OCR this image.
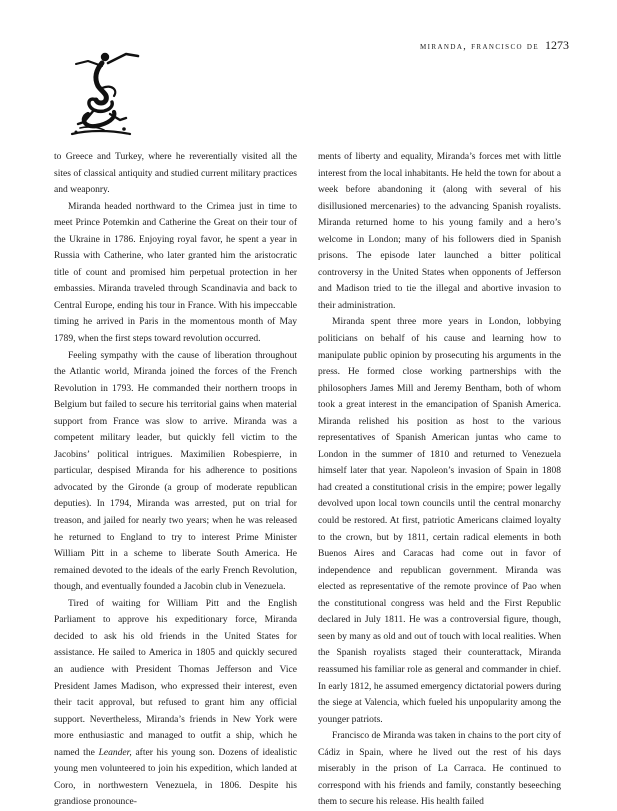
miranda, francisco de 1273

to Greece and Turkey, where he reverentially visited all the sites of classical antiquity and studied current military practices and weaponry.

Miranda headed northward to the Crimea just in time to meet Prince Potemkin and Catherine the Great on their tour of the Ukraine in 1786. Enjoying royal favor, he spent a year in Russia with Catherine, who later granted him the aristocratic title of count and promised him perpetual protection in her embassies. Miranda traveled through Scandinavia and back to Central Europe, ending his tour in France. With his impeccable timing he arrived in Paris in the momentous month of May 1789, when the first steps toward revolution occurred.

Feeling sympathy with the cause of liberation throughout the Atlantic world, Miranda joined the forces of the French Revolution in 1793. He commanded their northern troops in Belgium but failed to secure his territorial gains when material support from France was slow to arrive. Miranda was a competent military leader, but quickly fell victim to the Jacobins’ political intrigues. Maximilien Robespierre, in particular, despised Miranda for his adherence to positions advocated by the Gironde (a group of moderate republican deputies). In 1794, Miranda was arrested, put on trial for treason, and jailed for nearly two years; when he was released he returned to England to try to interest Prime Minister William Pitt in a scheme to liberate South America. He remained devoted to the ideals of the early French Revolution, though, and eventually founded a Jacobin club in Venezuela.

Tired of waiting for William Pitt and the English Parliament to approve his expeditionary force, Miranda decided to ask his old friends in the United States for assistance. He sailed to America in 1805 and quickly secured an audience with President Thomas Jefferson and Vice President James Madison, who expressed their interest, even their tacit approval, but refused to grant him any official support. Nevertheless, Miranda’s friends in New York were more enthusiastic and managed to outfit a ship, which he named the Leander, after his young son. Dozens of idealistic young men volunteered to join his expedition, which landed at Coro, in northwestern Venezuela, in 1806. Despite his grandiose pronounce-

ments of liberty and equality, Miranda’s forces met with little interest from the local inhabitants. He held the town for about a week before abandoning it (along with several of his disillusioned mercenaries) to the advancing Spanish royalists. Miranda returned home to his young family and a hero’s welcome in London; many of his followers died in Spanish prisons. The episode later launched a bitter political controversy in the United States when opponents of Jefferson and Madison tried to tie the illegal and abortive invasion to their administration.

Miranda spent three more years in London, lobbying politicians on behalf of his cause and learning how to manipulate public opinion by prosecuting his arguments in the press. He formed close working partnerships with the philosophers James Mill and Jeremy Bentham, both of whom took a great interest in the emancipation of Spanish America. Miranda relished his position as host to the various representatives of Spanish American juntas who came to London in the summer of 1810 and returned to Venezuela himself later that year. Napoleon’s invasion of Spain in 1808 had created a constitutional crisis in the empire; power legally devolved upon local town councils until the central monarchy could be restored. At first, patriotic Americans claimed loyalty to the crown, but by 1811, certain radical elements in both Buenos Aires and Caracas had come out in favor of independence and republican government. Miranda was elected as representative of the remote province of Pao when the constitutional congress was held and the First Republic declared in July 1811. He was a controversial figure, though, seen by many as old and out of touch with local realities. When the Spanish royalists staged their counterattack, Miranda reassumed his familiar role as general and commander in chief. In early 1812, he assumed emergency dictatorial powers during the siege at Valencia, which fueled his unpopularity among the younger patriots.

Francisco de Miranda was taken in chains to the port city of Cádiz in Spain, where he lived out the rest of his days miserably in the prison of La Carraca. He continued to correspond with his friends and family, constantly beseeching them to secure his release. His health failed
